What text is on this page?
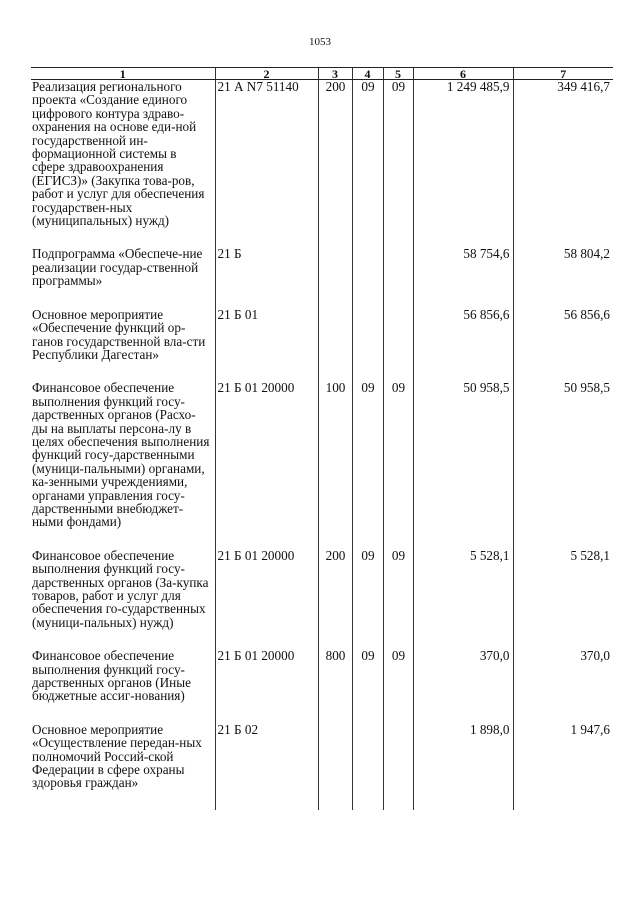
1053
1	2	3	4	5	6	7
Реализация регионального проекта «Создание единого цифрового контура здраво-охранения на основе еди-ной государственной ин-формационной системы в сфере здравоохранения (ЕГИСЗ)» (Закупка това-ров, работ и услуг для обеспечения государствен-ных (муниципальных) нужд)	21 А N7 51140	200	09	09	1 249 485,9	349 416,7

Подпрограмма «Обеспече-ние реализации государ-ственной программы»	21 Б				58 754,6	58 804,2

Основное мероприятие «Обеспечение функций ор-ганов государственной вла-сти Республики Дагестан»	21 Б 01				56 856,6	56 856,6

Финансовое обеспечение выполнения функций госу-дарственных органов (Расхо-ды на выплаты персона-лу в целях обеспечения выполнения функций госу-дарственными (муници-пальными) органами, ка-зенными учреждениями, органами управления госу-дарственными внебюджет-ными фондами)	21 Б 01 20000	100	09	09	50 958,5	50 958,5

Финансовое обеспечение выполнения функций госу-дарственных органов (За-купка товаров, работ и услуг для обеспечения го-сударственных (муници-пальных) нужд)	21 Б 01 20000	200	09	09	5 528,1	5 528,1

Финансовое обеспечение выполнения функций госу-дарственных органов (Иные бюджетные ассиг-нования)	21 Б 01 20000	800	09	09	370,0	370,0

Основное мероприятие «Осуществление передан-ных полномочий Россий-ской Федерации в сфере охраны здоровья граждан»	21 Б 02				1 898,0	1 947,6
